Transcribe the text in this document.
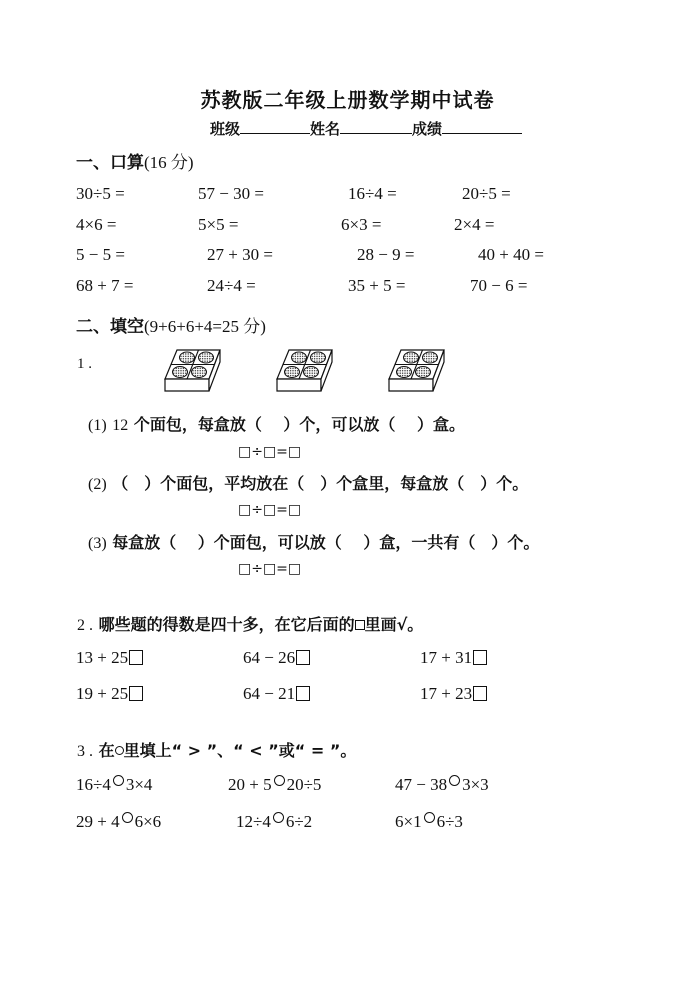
苏教版二年级上册数学期中试卷
班级	姓名	成绩
一、口算(16 分)
30÷5 =	57 − 30 =	16÷4 =	20÷5 =
4×6 =	5×5 =	6×3 =	2×4 =
5 − 5 =	27 + 30 =	28 − 9 =	40 + 40 =
68 + 7 =	24÷4 =	35 + 5 =	70 − 6 =
二、填空(9+6+6+4=25 分)
1 .
(1) 12 个面包，每盒放（　 ）个，可以放（　 ）盒。
□÷□=□
(2) （　）个面包，平均放在（　）个盒里，每盒放（　）个。
□÷□=□
(3) 每盒放（　 ）个面包，可以放（　 ）盒，一共有（　）个。
□÷□=□
2 . 哪些题的得数是四十多，在它后面的 里画√。
13 + 25	64 − 26	17 + 31
19 + 25	64 − 21	17 + 23
3 . 在 里填上“ > ”、“ < ”或“ = ”。
16÷4 3×4	20 + 5 20÷5	47 − 38 3×3
29 + 4 6×6	12÷4 6÷2	6×1 6÷3
